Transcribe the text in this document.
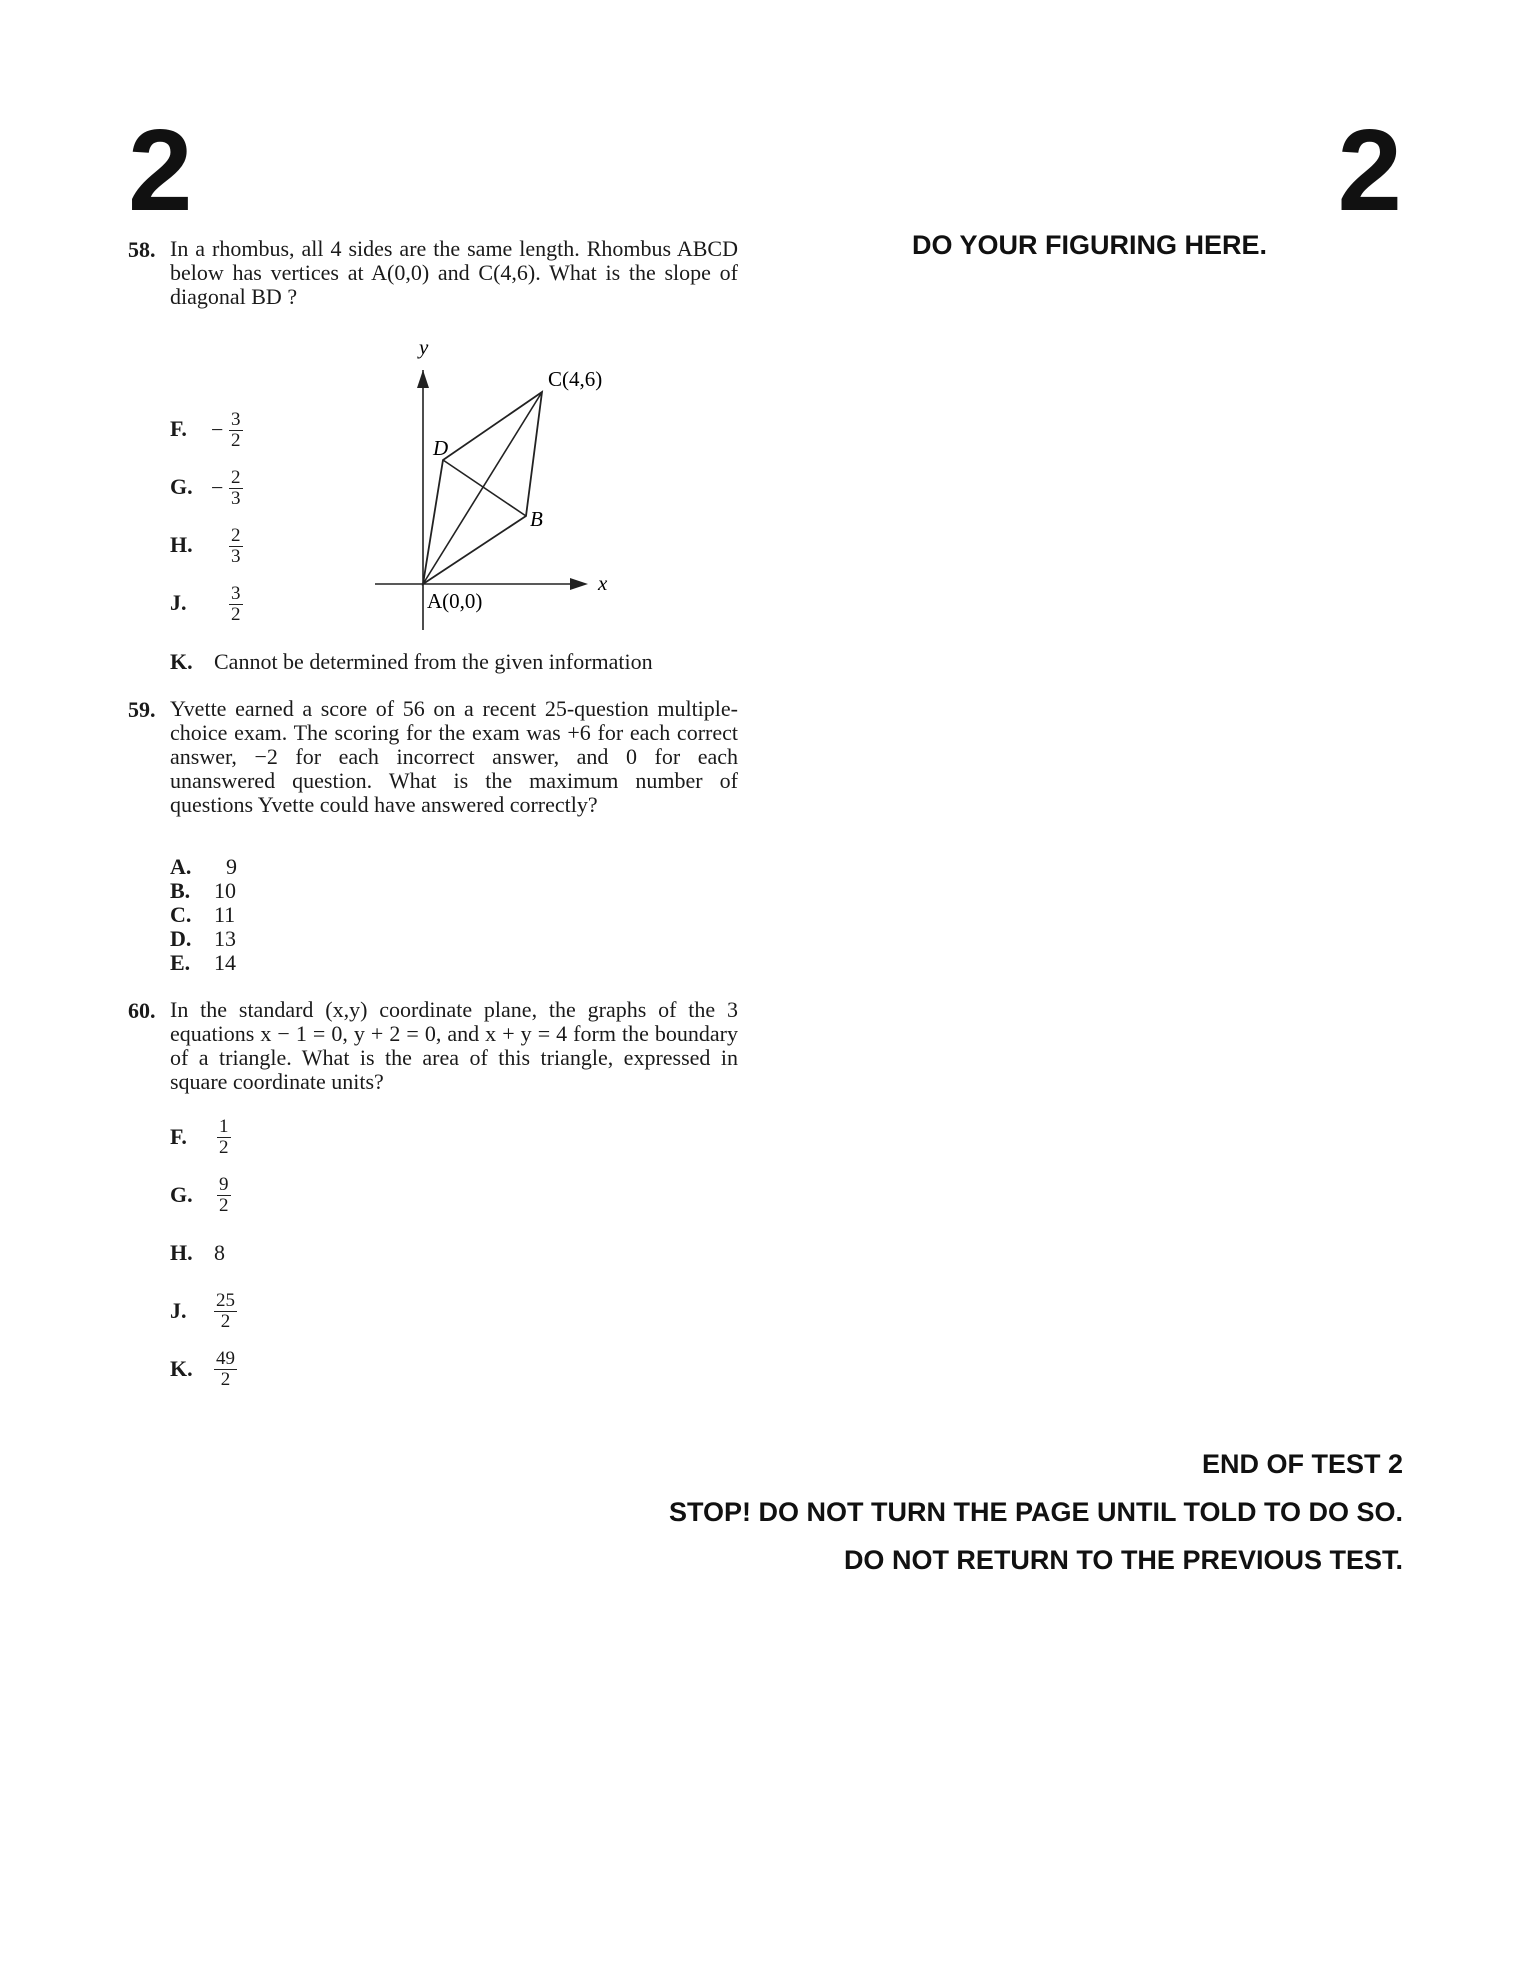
2	2
DO YOUR FIGURING HERE.
58. In a rhombus, all 4 sides are the same length. Rhombus ABCD below has vertices at A(0,0) and C(4,6). What is the slope of diagonal BD ?
y
x
C(4,6)
D
B
A(0,0)
F.	− $\frac{3}{2}$
G. − $\frac{2}{3}$
H.	$\frac{2}{3}$
J.	$\frac{3}{2}$
K. Cannot be determined from the given information
59. Yvette earned a score of 56 on a recent 25-question multiple-choice exam. The scoring for the exam was +6 for each correct answer, −2 for each incorrect answer, and 0 for each unanswered question. What is the maximum number of questions Yvette could have answered correctly?
A. 9
B. 10
C. 11
D. 13
E. 14
60. In the standard (x,y) coordinate plane, the graphs of the 3 equations x − 1 = 0, y + 2 = 0, and x + y = 4 form the boundary of a triangle. What is the area of this triangle, expressed in square coordinate units?
F.	$\frac{1}{2}$
G.	$\frac{9}{2}$
H. 8
J.	$\frac{25}{2}$
K.	$\frac{49}{2}$
END OF TEST 2
STOP! DO NOT TURN THE PAGE UNTIL TOLD TO DO SO.
DO NOT RETURN TO THE PREVIOUS TEST.
